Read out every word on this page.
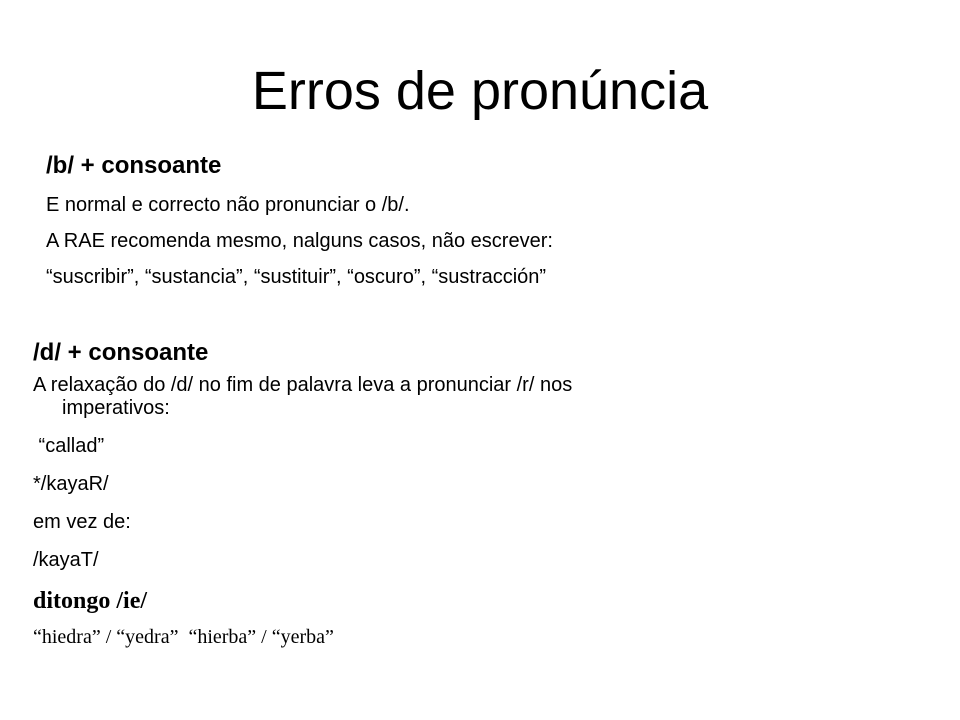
Erros de pronúncia

/b/ + consoante

E normal e correcto não pronunciar o /b/.

A RAE recomenda mesmo, nalguns casos, não escrever:

“suscribir”, “sustancia”, “sustituir”, “oscuro”, “sustracción”

/d/ + consoante

A relaxação do /d/ no fim de palavra leva a pronunciar /r/ nos

imperativos:

“callad”

*/kayaR/

em vez de:

/kayaT/

ditongo /ie/

“hiedra” / “yedra”  “hierba” / “yerba”
